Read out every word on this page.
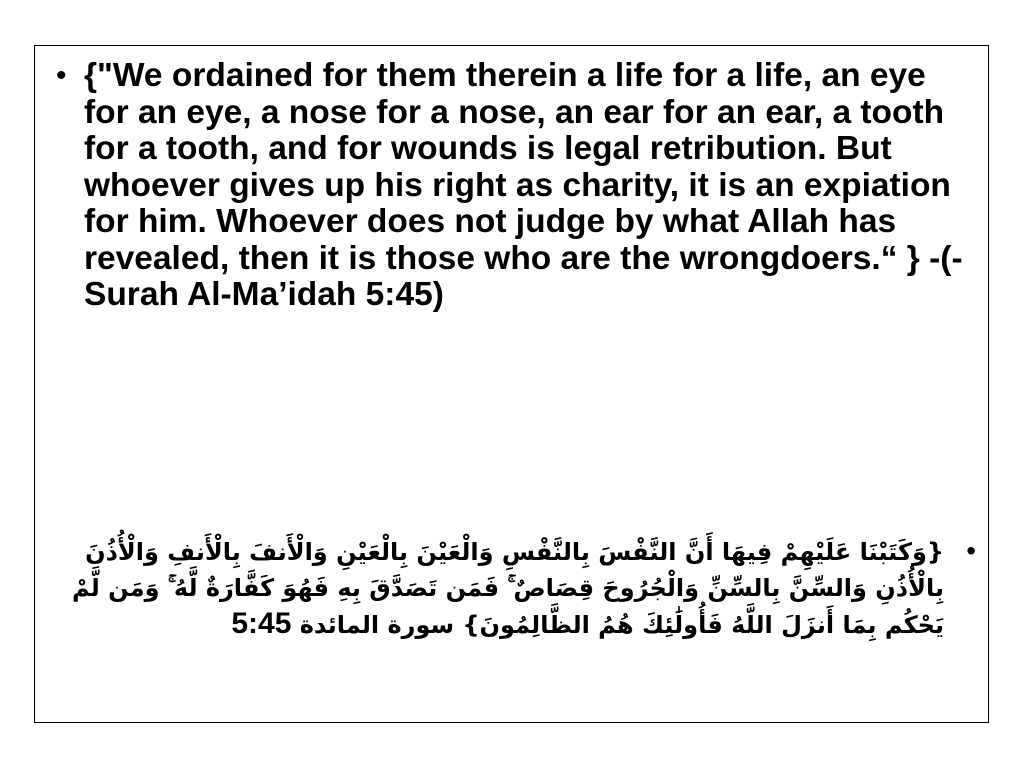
• {"We ordained for them therein a life for a life, an eye for an eye, a nose for a nose, an ear for an ear, a tooth for a tooth, and for wounds is legal retribution. But whoever gives up his right as charity, it is an expiation for him. Whoever does not judge by what Allah has revealed, then it is those who are the wrongdoers.“ } -(-Surah Al-Ma’idah 5:45)
•
{وَكَتَبْنَا عَلَيْهِمْ فِيهَا أَنَّ النَّفْسَ بِالنَّفْسِ وَالْعَيْنَ بِالْعَيْنِ وَالْأَنفَ بِالْأَنفِ وَالْأُذُنَ بِالْأُذُنِ وَالسِّنَّ بِالسِّنِّ وَالْجُرُوحَ قِصَاصٌ ۚ فَمَن تَصَدَّقَ بِهِ فَهُوَ كَفَّارَةٌ لَّهُ ۚ وَمَن لَّمْ يَحْكُم بِمَا أَنزَلَ اللَّهُ فَأُولَٰئِكَ هُمُ الظَّالِمُونَ} سورة المائدة 5:45
